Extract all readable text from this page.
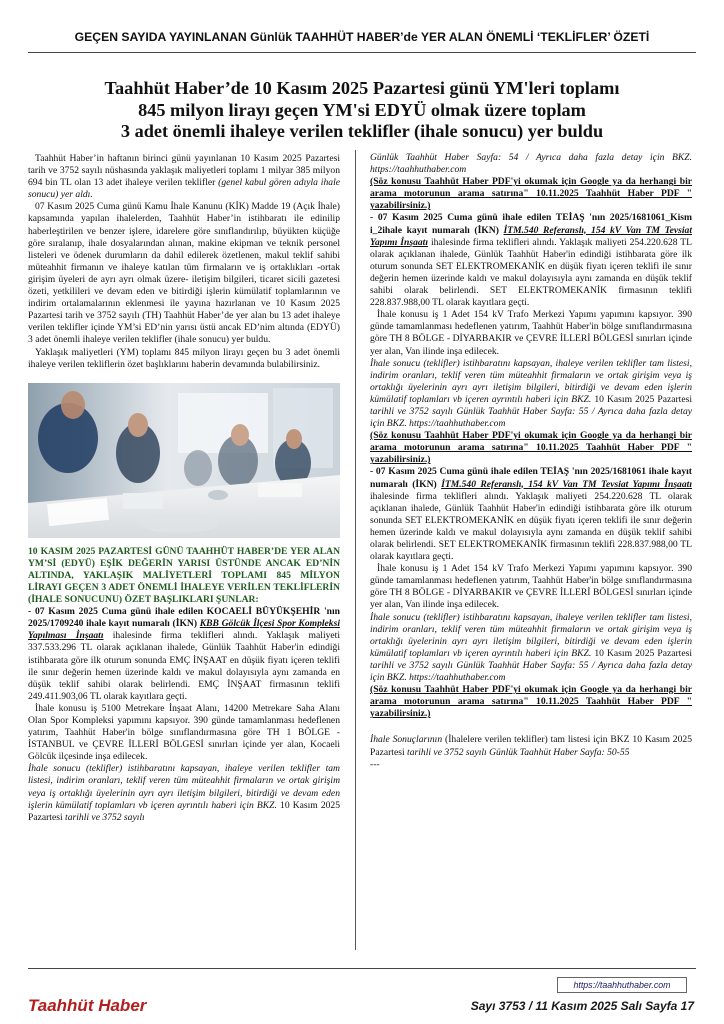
GEÇEN SAYIDA YAYINLANAN Günlük TAAHHÜT HABER’de YER ALAN ÖNEMLİ ‘TEKLİFLER’ ÖZETİ
Taahhüt Haber’de 10 Kasım 2025 Pazartesi günü YM'leri toplamı
845 milyon lirayı geçen YM'si EDYÜ olmak üzere toplam
3 adet önemli ihaleye verilen teklifler (ihale sonucu) yer buldu

Taahhüt Haber’in haftanın birinci günü yayınlanan 10 Kasım 2025 Pazartesi tarih ve 3752 sayılı nüshasında yaklaşık maliyetleri toplamı 1 milyar 385 milyon 694 bin TL olan 13 adet ihaleye verilen teklifler (genel kabul gören adıyla ihale sonucu) yer aldı.

07 Kasım 2025 Cuma günü Kamu İhale Kanunu (KİK) Madde 19 (Açık İhale) kapsamında yapılan ihalelerden, Taahhüt Haber’in istihbaratı ile edinilip haberleştirilen ve benzer işlere, idarelere göre sınıflandırılıp, büyükten küçüğe göre sıralanıp, ihale dosyalarından alınan, makine ekipman ve teknik personel listeleri ve ödenek durumların da dahil edilerek özetlenen, makul teklif sahibi müteahhit firmanın ve ihaleye katılan tüm firmaların ve iş ortaklıkları -ortak girişim üyeleri de ayrı ayrı olmak üzere- iletişim bilgileri, ticaret sicili gazetesi özeti, yetkilileri ve devam eden ve bitirdiği işlerin kümülatif toplamlarının ve indirim ortalamalarının eklenmesi ile yayına hazırlanan ve 10 Kasım 2025 Pazartesi tarih ve 3752 sayılı (TH) Taahhüt Haber’de yer alan bu 13 adet ihaleye verilen teklifler içinde YM’si ED’nin yarısı üstü ancak ED’nim altında (EDYÜ) 3 adet önemli ihaleye verilen teklifler (ihale sonucu) yer buldu.

Yaklaşık maliyetleri (YM) toplamı 845 milyon lirayı geçen bu 3 adet önemli ihaleye verilen tekliflerin özet başlıklarını haberin devamında bulabilirsiniz.

10 KASIM 2025 PAZARTESİ GÜNÜ TAAHHÜT HABER’DE YER ALAN YM’Sİ (EDYÜ) EŞİK DEĞERİN YARISI ÜSTÜNDE ANCAK ED’NİN ALTINDA, YAKLAŞIK MALİYETLERİ TOPLAMI 845 MİLYON LİRAYI GEÇEN 3 ADET ÖNEMLİ İHALEYE VERİLEN TEKLİFLERİN (İHALE SONUCUNU) ÖZET BAŞLIKLARI ŞUNLAR:

- 07 Kasım 2025 Cuma günü ihale edilen KOCAELİ BÜYÜKŞEHİR 'nın 2025/1709240 ihale kayıt numaralı (İKN) KBB Gölcük İlçesi Spor Kompleksi Yapılması İnşaatı ihalesinde firma teklifleri alındı. Yaklaşık maliyeti 337.533.296 TL olarak açıklanan ihalede, Günlük Taahhüt Haber'in edindiği istihbarata göre ilk oturum sonunda EMÇ İNŞAAT en düşük fiyatı içeren teklifi ile sınır değerin hemen üzerinde kaldı ve makul dolayısıyla aynı zamanda en düşük teklif sahibi olarak belirlendi. EMÇ İNŞAAT firmasının teklifi 249.411.903,06 TL olarak kayıtlara geçti.

İhale konusu iş 5100 Metrekare İnşaat Alanı, 14200 Metrekare Saha Alanı Olan Spor Kompleksi yapımını kapsıyor. 390 günde tamamlanması hedeflenen yatırım, Taahhüt Haber'in bölge sınıflandırmasına göre TH 1 BÖLGE - İSTANBUL ve ÇEVRE İLLERİ BÖLGESİ sınırları içinde yer alan, Kocaeli Gölcük ilçesinde inşa edilecek.

İhale sonucu (teklifler) istihbaratını kapsayan, ihaleye verilen teklifler tam listesi, indirim oranları, teklif veren tüm müteahhit firmaların ve ortak girişim veya iş ortaklığı üyelerinin ayrı ayrı iletişim bilgileri, bitirdiği ve devam eden işlerin kümülatif toplamları vb içeren ayrıntılı haberi için BKZ. 10 Kasım 2025 Pazartesi tarihli ve 3752 sayılı

Günlük Taahhüt Haber Sayfa: 54 / Ayrıca daha fazla detay için BKZ. https://taahhuthaber.com

(Söz konusu Taahhüt Haber PDF'yi okumak için Google ya da herhangi bir arama motorunun arama satırına" 10.11.2025 Taahhüt Haber PDF " yazabilirsiniz.)

- 07 Kasım 2025 Cuma günü ihale edilen TEİAŞ 'nın 2025/1681061_Kism i_2ihale kayıt numaralı (İKN) İTM.540 Referanslı, 154 kV Van TM Tevsiat Yapımı İnşaatı ihalesinde firma teklifleri alındı. Yaklaşık maliyeti 254.220.628 TL olarak açıklanan ihalede, Günlük Taahhüt Haber'in edindiği istihbarata göre ilk oturum sonunda SET ELEKTROMEKANİK en düşük fiyatı içeren teklifi ile sınır değerin hemen üzerinde kaldı ve makul dolayısıyla aynı zamanda en düşük teklif sahibi olarak belirlendi. SET ELEKTROMEKANİK firmasının teklifi 228.837.988,00 TL olarak kayıtlara geçti.

İhale konusu iş 1 Adet 154 kV Trafo Merkezi Yapımı yapımını kapsıyor. 390 günde tamamlanması hedeflenen yatırım, Taahhüt Haber'in bölge sınıflandırmasına göre TH 8 BÖLGE - DİYARBAKIR ve ÇEVRE İLLERİ BÖLGESİ sınırları içinde yer alan, Van ilinde inşa edilecek.

İhale sonucu (teklifler) istihbaratını kapsayan, ihaleye verilen teklifler tam listesi, indirim oranları, teklif veren tüm müteahhit firmaların ve ortak girişim veya iş ortaklığı üyelerinin ayrı ayrı iletişim bilgileri, bitirdiği ve devam eden işlerin kümülatif toplamları vb içeren ayrıntılı haberi için BKZ. 10 Kasım 2025 Pazartesi tarihli ve 3752 sayılı Günlük Taahhüt Haber Sayfa: 55 / Ayrıca daha fazla detay için BKZ. https://taahhuthaber.com

(Söz konusu Taahhüt Haber PDF'yi okumak için Google ya da herhangi bir arama motorunun arama satırına" 10.11.2025 Taahhüt Haber PDF " yazabilirsiniz.)

- 07 Kasım 2025 Cuma günü ihale edilen TEİAŞ 'nın 2025/1681061 ihale kayıt numaralı (İKN) İTM.540 Referanslı, 154 kV Van TM Tevsiat Yapımı İnşaatı ihalesinde firma teklifleri alındı. Yaklaşık maliyeti 254.220.628 TL olarak açıklanan ihalede, Günlük Taahhüt Haber'in edindiği istihbarata göre ilk oturum sonunda SET ELEKTROMEKANİK en düşük fiyatı içeren teklifi ile sınır değerin hemen üzerinde kaldı ve makul dolayısıyla aynı zamanda en düşük teklif sahibi olarak belirlendi. SET ELEKTROMEKANİK firmasının teklifi 228.837.988,00 TL olarak kayıtlara geçti.

İhale konusu iş 1 Adet 154 kV Trafo Merkezi Yapımı yapımını kapsıyor. 390 günde tamamlanması hedeflenen yatırım, Taahhüt Haber'in bölge sınıflandırmasına göre TH 8 BÖLGE - DİYARBAKIR ve ÇEVRE İLLERİ BÖLGESİ sınırları içinde yer alan, Van ilinde inşa edilecek.

İhale sonucu (teklifler) istihbaratını kapsayan, ihaleye verilen teklifler tam listesi, indirim oranları, teklif veren tüm müteahhit firmaların ve ortak girişim veya iş ortaklığı üyelerinin ayrı ayrı iletişim bilgileri, bitirdiği ve devam eden işlerin kümülatif toplamları vb içeren ayrıntılı haberi için BKZ. 10 Kasım 2025 Pazartesi tarihli ve 3752 sayılı Günlük Taahhüt Haber Sayfa: 55 / Ayrıca daha fazla detay için BKZ. https://taahhuthaber.com

(Söz konusu Taahhüt Haber PDF'yi okumak için Google ya da herhangi bir arama motorunun arama satırına" 10.11.2025 Taahhüt Haber PDF " yazabilirsiniz.)

İhale Sonuçlarının (İhalelere verilen teklifler) tam listesi için BKZ 10 Kasım 2025 Pazartesi tarihli ve 3752 sayılı Günlük Taahhüt Haber Sayfa: 50-55

---

https://taahhuthaber.com
Taahhüt Haber	Sayı 3753 / 11 Kasım 2025 Salı Sayfa 17
